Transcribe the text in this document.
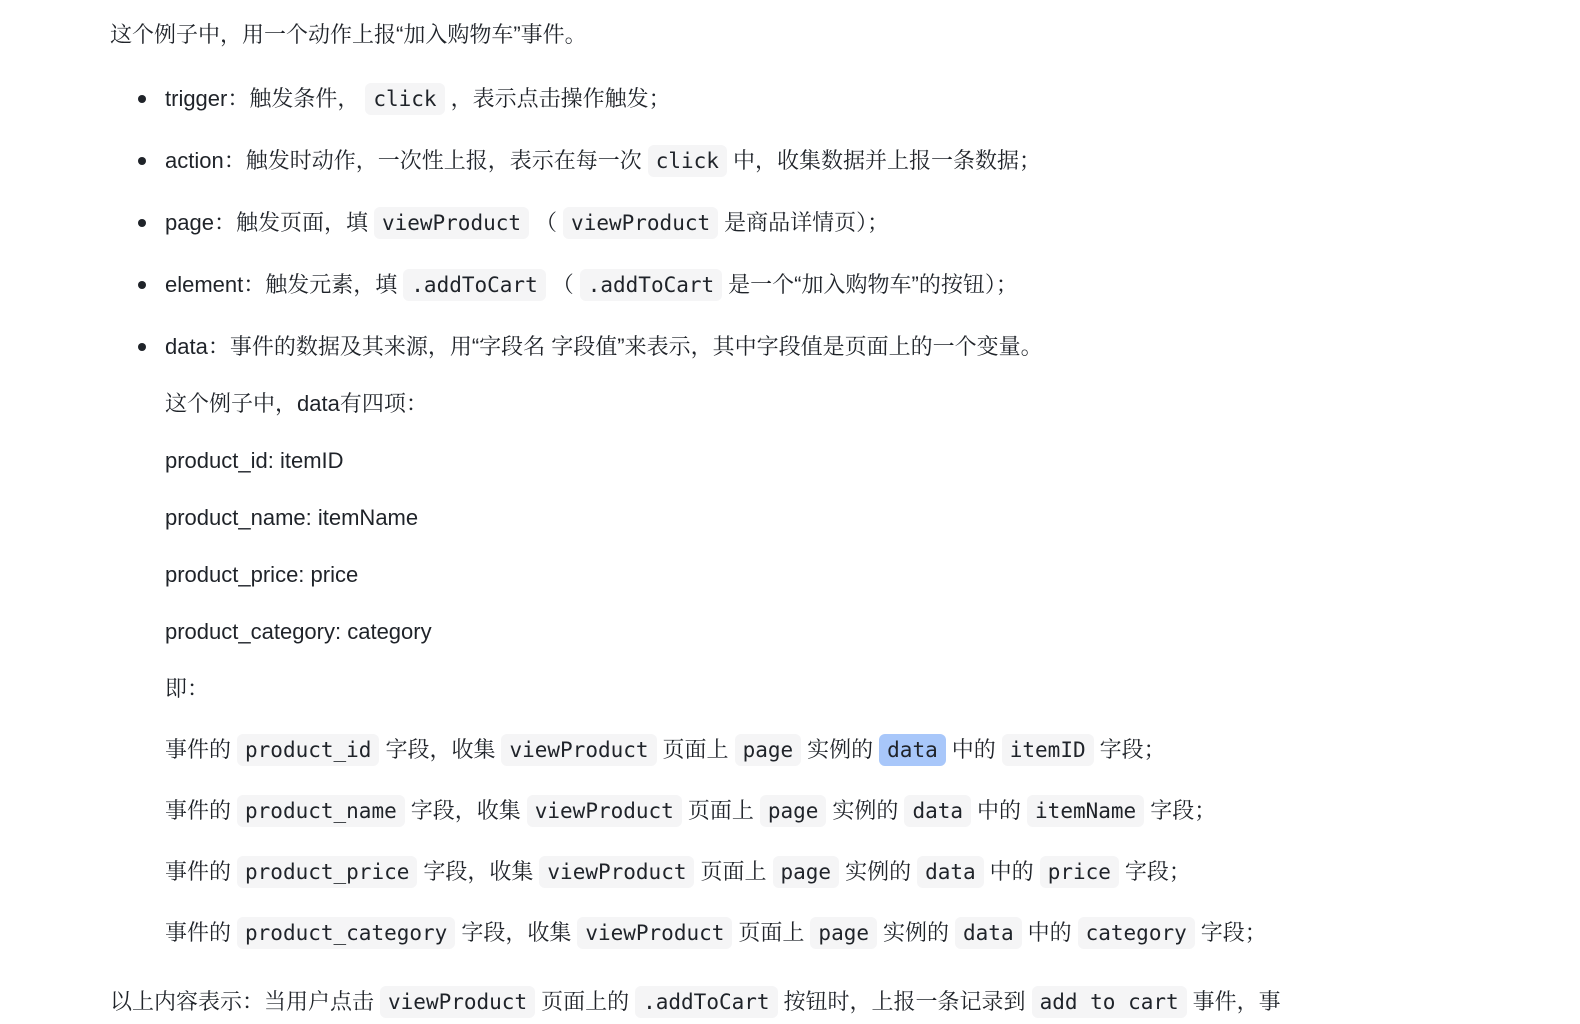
这个例子中，用一个动作上报“加入购物车”事件。

trigger：触发条件， click ，表示点击操作触发；
action：触发时动作，一次性上报，表示在每一次 click 中，收集数据并上报一条数据；
page：触发页面，填 viewProduct （ viewProduct 是商品详情页）；
element：触发元素，填 .addToCart （ .addToCart 是一个“加入购物车”的按钮）；
data：事件的数据及其来源，用“字段名 字段值”来表示，其中字段值是页面上的一个变量。
这个例子中，data有四项：
product_id: itemID
product_name: itemName
product_price: price
product_category: category
即：
事件的 product_id 字段，收集 viewProduct 页面上 page 实例的 data 中的 itemID 字段；
事件的 product_name 字段，收集 viewProduct 页面上 page 实例的 data 中的 itemName 字段；
事件的 product_price 字段，收集 viewProduct 页面上 page 实例的 data 中的 price 字段；
事件的 product_category 字段，收集 viewProduct 页面上 page 实例的 data 中的 category 字段；

以上内容表示：当用户点击 viewProduct 页面上的 .addToCart 按钮时，上报一条记录到 add to cart 事件，事
